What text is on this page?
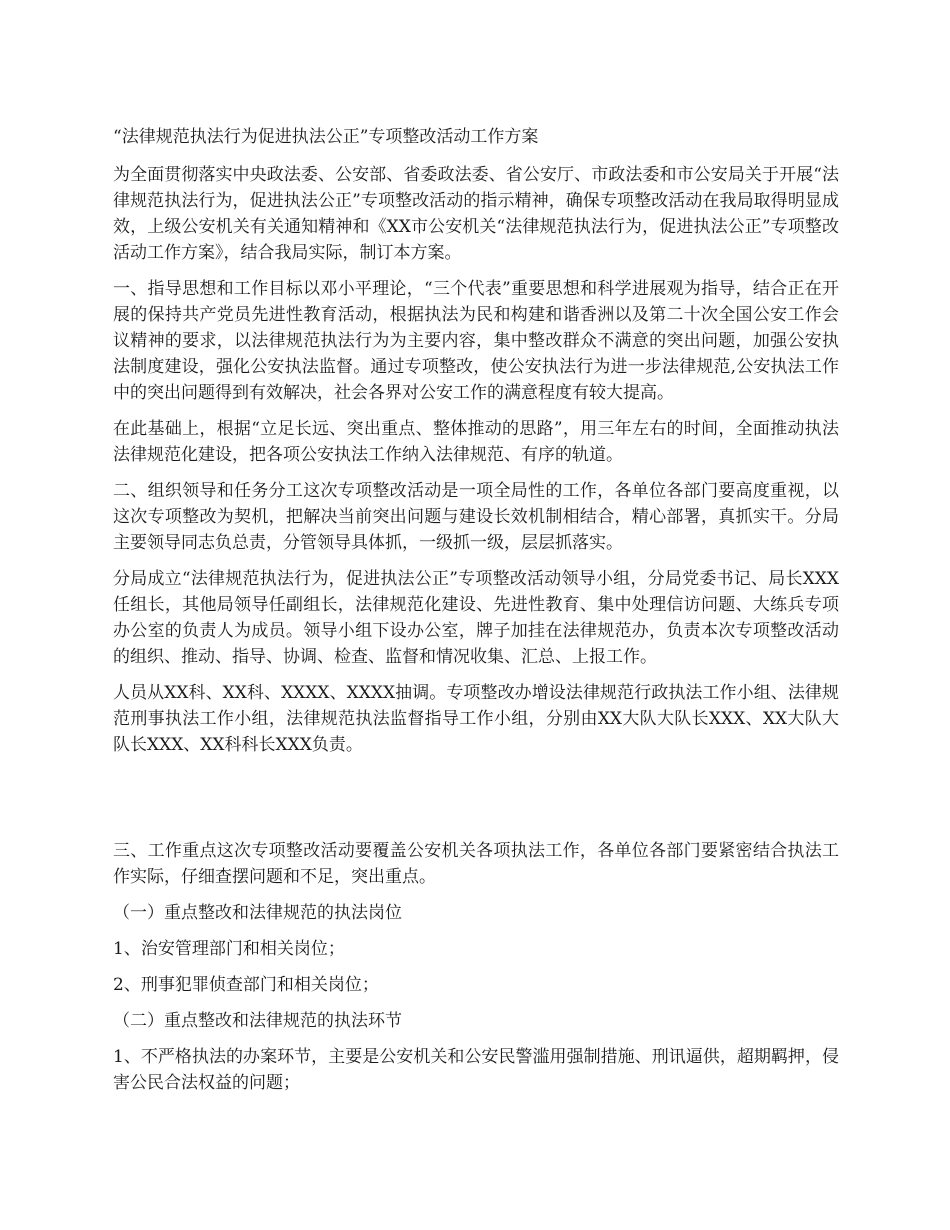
“法律规范执法行为促进执法公正”专项整改活动工作方案

为全面贯彻落实中央政法委、公安部、省委政法委、省公安厅、市政法委和市公安局关于开展“法律规范执法行为，促进执法公正”专项整改活动的指示精神，确保专项整改活动在我局取得明显成效，上级公安机关有关通知精神和《XX市公安机关“法律规范执法行为，促进执法公正”专项整改活动工作方案》，结合我局实际，制订本方案。

一、指导思想和工作目标以邓小平理论，“三个代表”重要思想和科学进展观为指导，结合正在开展的保持共产党员先进性教育活动，根据执法为民和构建和谐香洲以及第二十次全国公安工作会议精神的要求，以法律规范执法行为为主要内容，集中整改群众不满意的突出问题，加强公安执法制度建设，强化公安执法监督。通过专项整改，使公安执法行为进一步法律规范,公安执法工作中的突出问题得到有效解决，社会各界对公安工作的满意程度有较大提高。

在此基础上，根据“立足长远、突出重点、整体推动的思路”，用三年左右的时间，全面推动执法法律规范化建设，把各项公安执法工作纳入法律规范、有序的轨道。

二、组织领导和任务分工这次专项整改活动是一项全局性的工作，各单位各部门要高度重视，以这次专项整改为契机，把解决当前突出问题与建设长效机制相结合，精心部署，真抓实干。分局主要领导同志负总责，分管领导具体抓，一级抓一级，层层抓落实。

分局成立“法律规范执法行为，促进执法公正”专项整改活动领导小组，分局党委书记、局长XXX任组长，其他局领导任副组长，法律规范化建设、先进性教育、集中处理信访问题、大练兵专项办公室的负责人为成员。领导小组下设办公室，牌子加挂在法律规范办，负责本次专项整改活动的组织、推动、指导、协调、检查、监督和情况收集、汇总、上报工作。

人员从XX科、XX科、XXXX、XXXX抽调。专项整改办增设法律规范行政执法工作小组、法律规范刑事执法工作小组，法律规范执法监督指导工作小组，分别由XX大队大队长XXX、XX大队大队长XXX、XX科科长XXX负责。

三、工作重点这次专项整改活动要覆盖公安机关各项执法工作，各单位各部门要紧密结合执法工作实际，仔细查摆问题和不足，突出重点。

（一）重点整改和法律规范的执法岗位

1、治安管理部门和相关岗位；

2、刑事犯罪侦查部门和相关岗位；

（二）重点整改和法律规范的执法环节

1、不严格执法的办案环节，主要是公安机关和公安民警滥用强制措施、刑讯逼供，超期羁押，侵害公民合法权益的问题；
